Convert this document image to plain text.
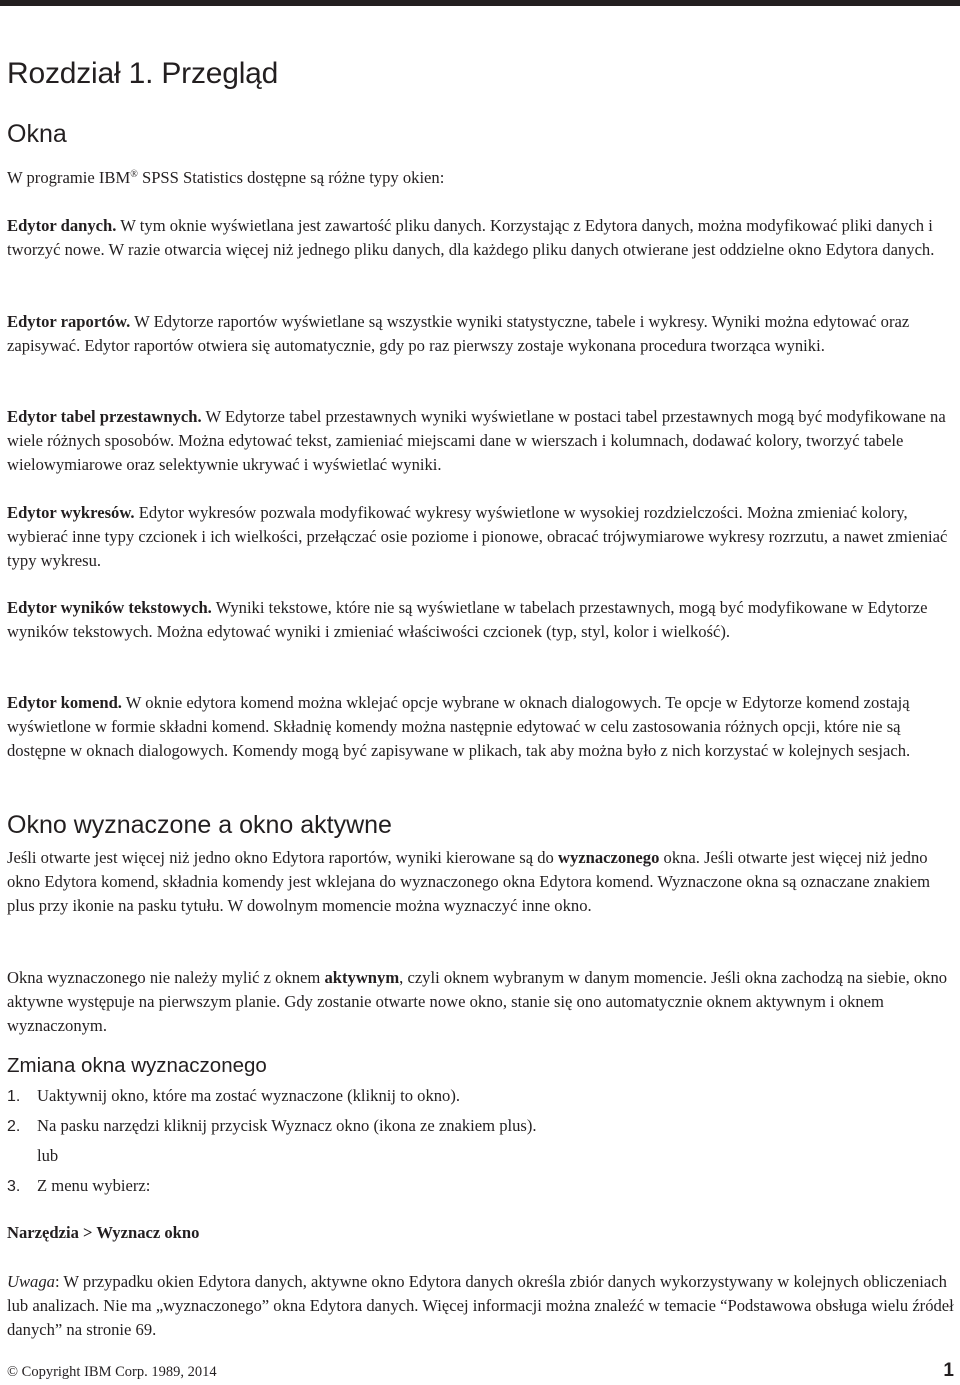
Rozdział 1. Przegląd
Okna

W programie IBM® SPSS Statistics dostępne są różne typy okien:

Edytor danych. W tym oknie wyświetlana jest zawartość pliku danych. Korzystając z Edytora danych, można modyfikować pliki danych i tworzyć nowe. W razie otwarcia więcej niż jednego pliku danych, dla każdego pliku danych otwierane jest oddzielne okno Edytora danych.

Edytor raportów. W Edytorze raportów wyświetlane są wszystkie wyniki statystyczne, tabele i wykresy. Wyniki można edytować oraz zapisywać. Edytor raportów otwiera się automatycznie, gdy po raz pierwszy zostaje wykonana procedura tworząca wyniki.

Edytor tabel przestawnych. W Edytorze tabel przestawnych wyniki wyświetlane w postaci tabel przestawnych mogą być modyfikowane na wiele różnych sposobów. Można edytować tekst, zamieniać miejscami dane w wierszach i kolumnach, dodawać kolory, tworzyć tabele wielowymiarowe oraz selektywnie ukrywać i wyświetlać wyniki.

Edytor wykresów. Edytor wykresów pozwala modyfikować wykresy wyświetlone w wysokiej rozdzielczości. Można zmieniać kolory, wybierać inne typy czcionek i ich wielkości, przełączać osie poziome i pionowe, obracać trójwymiarowe wykresy rozrzutu, a nawet zmieniać typy wykresu.

Edytor wyników tekstowych. Wyniki tekstowe, które nie są wyświetlane w tabelach przestawnych, mogą być modyfikowane w Edytorze wyników tekstowych. Można edytować wyniki i zmieniać właściwości czcionek (typ, styl, kolor i wielkość).

Edytor komend. W oknie edytora komend można wklejać opcje wybrane w oknach dialogowych. Te opcje w Edytorze komend zostają wyświetlone w formie składni komend. Składnię komendy można następnie edytować w celu zastosowania różnych opcji, które nie są dostępne w oknach dialogowych. Komendy mogą być zapisywane w plikach, tak aby można było z nich korzystać w kolejnych sesjach.

Okno wyznaczone a okno aktywne

Jeśli otwarte jest więcej niż jedno okno Edytora raportów, wyniki kierowane są do wyznaczonego okna. Jeśli otwarte jest więcej niż jedno okno Edytora komend, składnia komendy jest wklejana do wyznaczonego okna Edytora komend. Wyznaczone okna są oznaczane znakiem plus przy ikonie na pasku tytułu. W dowolnym momencie można wyznaczyć inne okno.

Okna wyznaczonego nie należy mylić z oknem aktywnym, czyli oknem wybranym w danym momencie. Jeśli okna zachodzą na siebie, okno aktywne występuje na pierwszym planie. Gdy zostanie otwarte nowe okno, stanie się ono automatycznie oknem aktywnym i oknem wyznaczonym.

Zmiana okna wyznaczonego

1. Uaktywnij okno, które ma zostać wyznaczone (kliknij to okno).

2. Na pasku narzędzi kliknij przycisk Wyznacz okno (ikona ze znakiem plus).

lub

3. Z menu wybierz:

Narzędzia > Wyznacz okno

Uwaga: W przypadku okien Edytora danych, aktywne okno Edytora danych określa zbiór danych wykorzystywany w kolejnych obliczeniach lub analizach. Nie ma „wyznaczonego” okna Edytora danych. Więcej informacji można znaleźć w temacie “Podstawowa obsługa wielu źródeł danych” na stronie 69.

© Copyright IBM Corp. 1989, 2014	1
